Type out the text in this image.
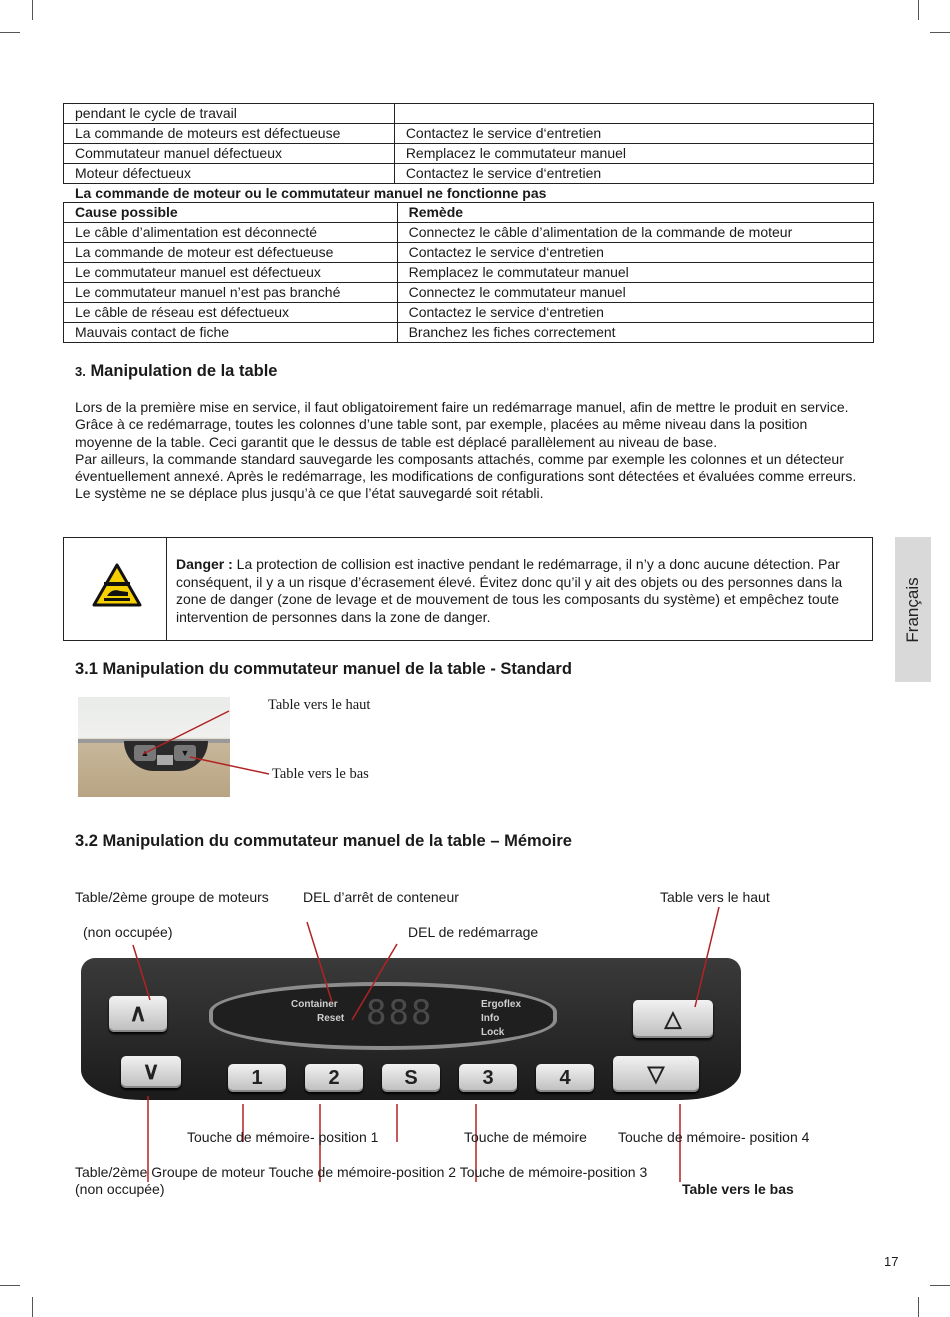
pendant le cycle de travail	
La commande de moteurs est défectueuse	Contactez le service d‘entretien
Commutateur manuel défectueux	Remplacez le commutateur manuel
Moteur défectueux	Contactez le service d‘entretien
La commande de moteur ou le commutateur manuel ne fonctionne pas
Cause possible	Remède
Le câble d’alimentation est déconnecté	Connectez le câble d’alimentation de la commande de moteur
La commande de moteur est défectueuse	Contactez le service d‘entretien
Le commutateur manuel est défectueux	Remplacez le commutateur manuel
Le commutateur manuel n’est pas branché	Connectez le commutateur manuel
Le câble de réseau est défectueux	Contactez le service d‘entretien
Mauvais contact de fiche	Branchez les fiches correctement
3. Manipulation de la table

Lors de la première mise en service, il faut obligatoirement faire un redémarrage manuel, afin de mettre le produit en service.

Grâce à ce redémarrage, toutes les colonnes d’une table sont, par exemple, placées au même niveau dans la position moyenne de la table. Ceci garantit que le dessus de table est déplacé parallèlement au niveau de base.

Par ailleurs, la commande standard sauvegarde les composants attachés, comme par exemple les colonnes et un détecteur éventuellement annexé. Après le redémarrage, les modifications de configurations sont détectées et évaluées comme erreurs. Le système ne se déplace plus jusqu’à ce que l’état sauvegardé soit rétabli.

Danger : La protection de collision est inactive pendant le redémarrage, il n’y a donc aucune détection. Par conséquent, il y a un risque d’écrasement élevé. Évitez donc qu’il y ait des objets ou des personnes dans la zone de danger (zone de levage et de mouvement de tous les composants du système) et empêchez toute intervention de personnes dans la zone de danger.	Français
3.1 Manipulation du commutateur manuel de la table - Standard
▲	▼
Table vers le haut
Table vers le bas
3.2 Manipulation du commutateur manuel de la table – Mémoire
Table/2ème groupe de moteurs DEL d’arrêt de conteneur	Table vers le haut
(non occupée)	DEL de redémarrage
Container
Reset 888	Ergoflex
Info
Lock
∧
∨
△
▽
1	2	S	3	4
Touche de mémoire- position 1	Touche de mémoire Touche de mémoire- position 4
Table/2ème Groupe de moteur Touche de mémoire-position 2 Touche de mémoire-position 3
(non occupée)	Table vers le bas
17
